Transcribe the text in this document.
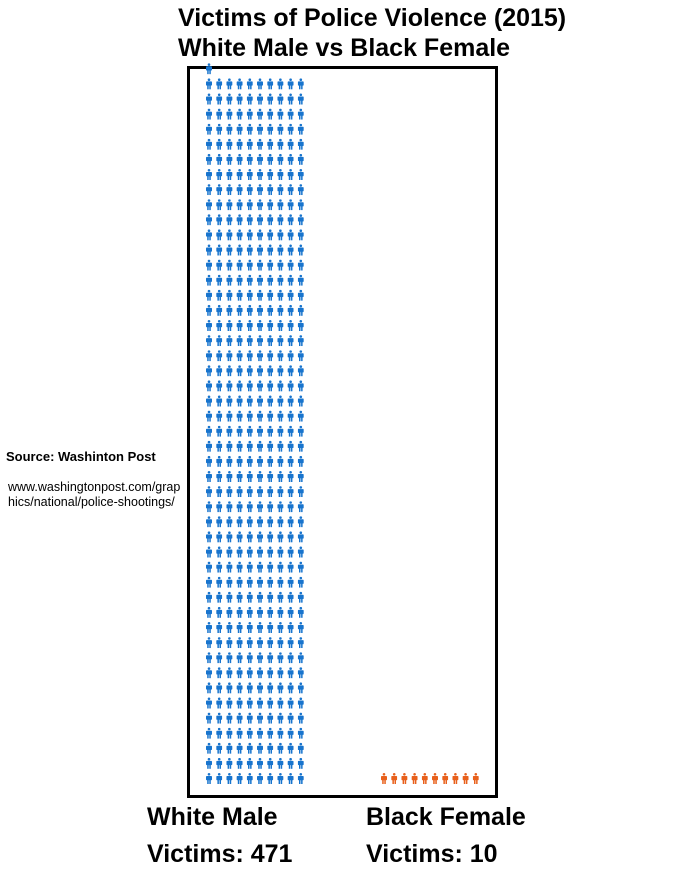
Victims of Police Violence (2015)
White Male vs Black Female
Source: Washinton Post
www.washingtonpost.com/graphics/national/police-shootings/
White Male
Victims: 471
Black Female
Victims: 10
